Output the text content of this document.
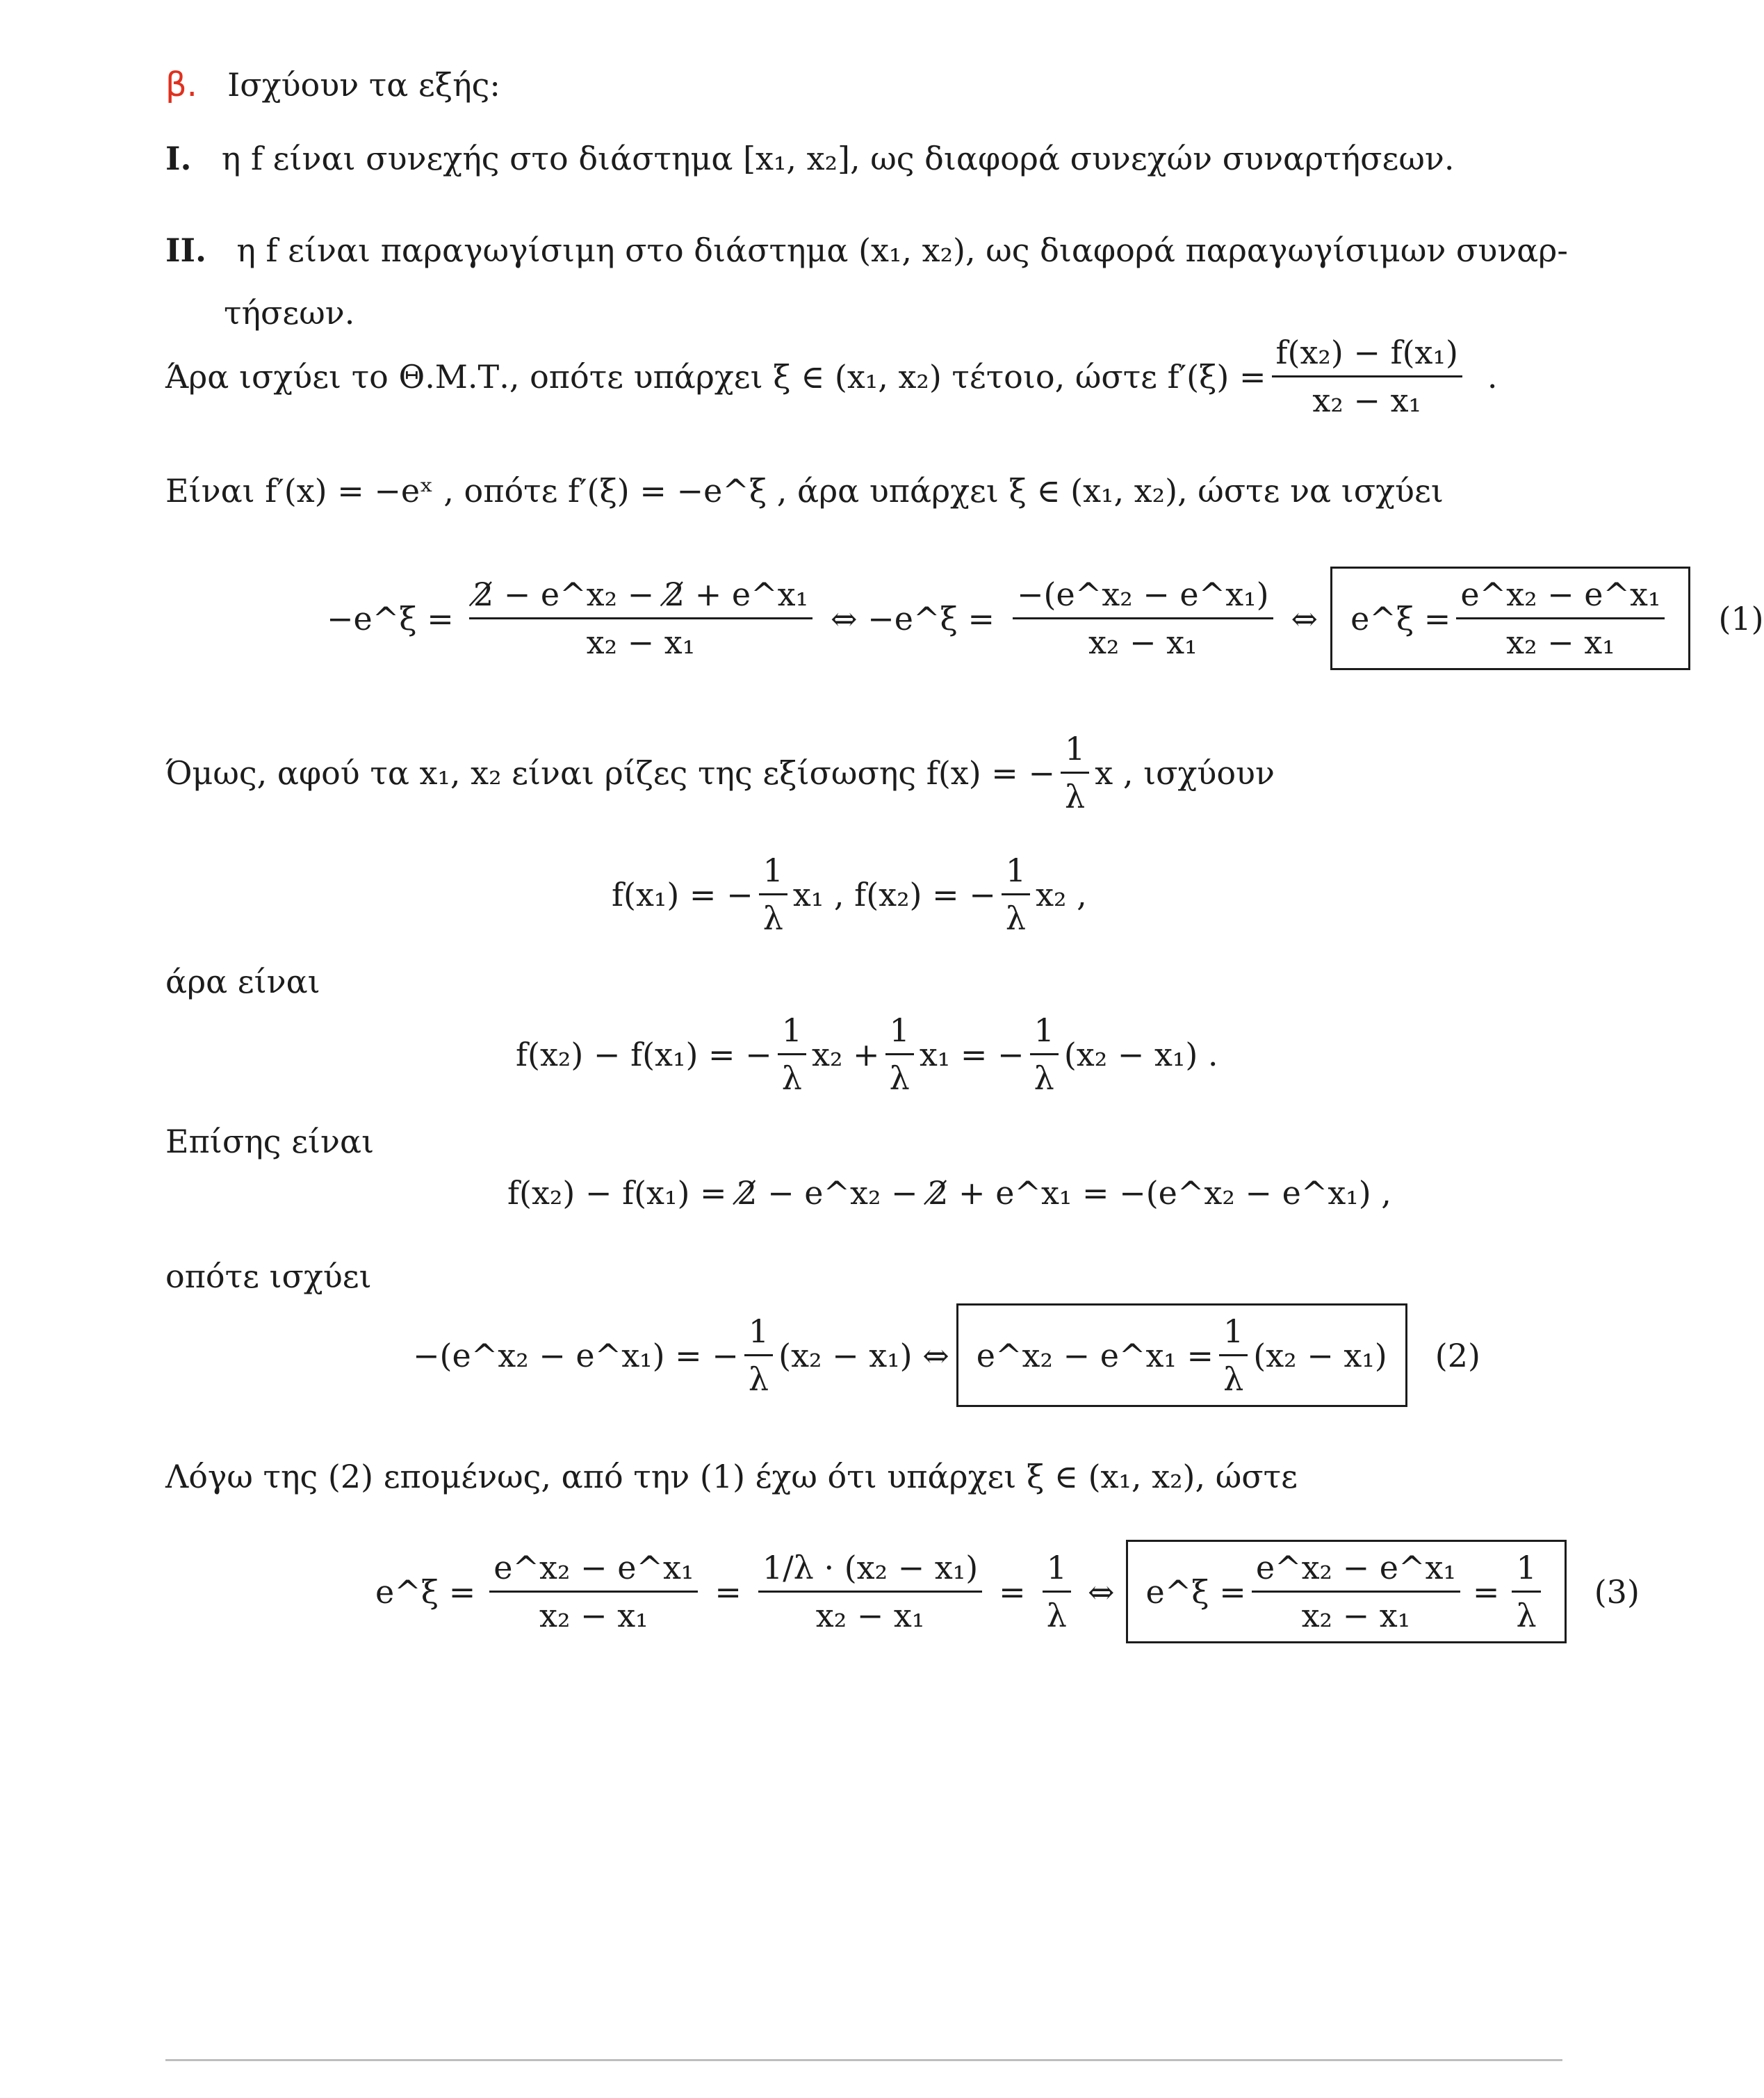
β. Ισχύουν τα εξής:
I. η f είναι συνεχής στο διάστημα [x₁, x₂], ως διαφορά συνεχών συναρτήσεων.
II. η f είναι παραγωγίσιμη στο διάστημα (x₁, x₂), ως διαφορά παραγωγίσιμων συναρ-
τήσεων.
Άρα ισχύει το Θ.Μ.Τ., οπότε υπάρχει ξ ∈ (x₁, x₂) τέτοιο, ώστε $f'(\xi) = \frac{\text{f(x₂) − f(x₁)}}{\text{x₂ − x₁}}$ .
Είναι f′(x) = −eˣ , οπότε f′(ξ) = −e^ξ , άρα υπάρχει ξ ∈ (x₁, x₂), ώστε να ισχύει
−e^ξ = $\frac{\text{2̸ − e\textasciicircum{}x₂ − 2̸ + e\textasciicircum{}x₁}}{\text{x₂ − x₁}}$ ⇔ −e^ξ = $\frac{\text{−(e\textasciicircum{}x₂ − e\textasciicircum{}x₁)}}{\text{x₂ − x₁}}$ ⇔ e^ξ = $\frac{\text{e\textasciicircum{}x₂ − e\textasciicircum{}x₁}}{\text{x₂ − x₁}} (1)$
Όμως, αφού τα x₁, x₂ είναι ρίζες της εξίσωσης f(x) = − $\frac{1}{\lambda}$ x , ισχύουν
f(x₁) = − $\frac{1}{\lambda} x_1$ , f(x₂) = − $\frac{1}{\lambda} x_2$ ,
άρα είναι
f(x₂) − f(x₁) = − $\frac{1}{\lambda} x_2 + \frac{1}{\lambda} x_1$ = − $\frac{1}{\lambda} (x_2 - x_1)$ .
Επίσης είναι
f(x₂) − f(x₁) = 2̸ − e^x₂ − 2̸ + e^x₁ = −(e^x₂ − e^x₁) ,
οπότε ισχύει
−(e^x₂ − e^x₁) = − $\frac{1}{\lambda} (x_2 - x_1)$ ⇔ e^x₂ − e^x₁ = $\frac{1}{\lambda} (x_2 - x_1)$ (2)
Λόγω της (2) επομένως, από την (1) έχω ότι υπάρχει ξ ∈ (x₁, x₂), ώστε
e^ξ = $\frac{\text{e\textasciicircum{}x₂ − e\textasciicircum{}x₁}}{\text{x₂ − x₁}} = \frac{\text{1/λ · (x₂ − x₁)}}{\text{x₂ − x₁}} = \frac{1}{\lambda}$ ⇔ e^ξ = $\frac{\text{e\textasciicircum{}x₂ − e\textasciicircum{}x₁}}{\text{x₂ − x₁}} = \frac{1}{\lambda} (3)$
